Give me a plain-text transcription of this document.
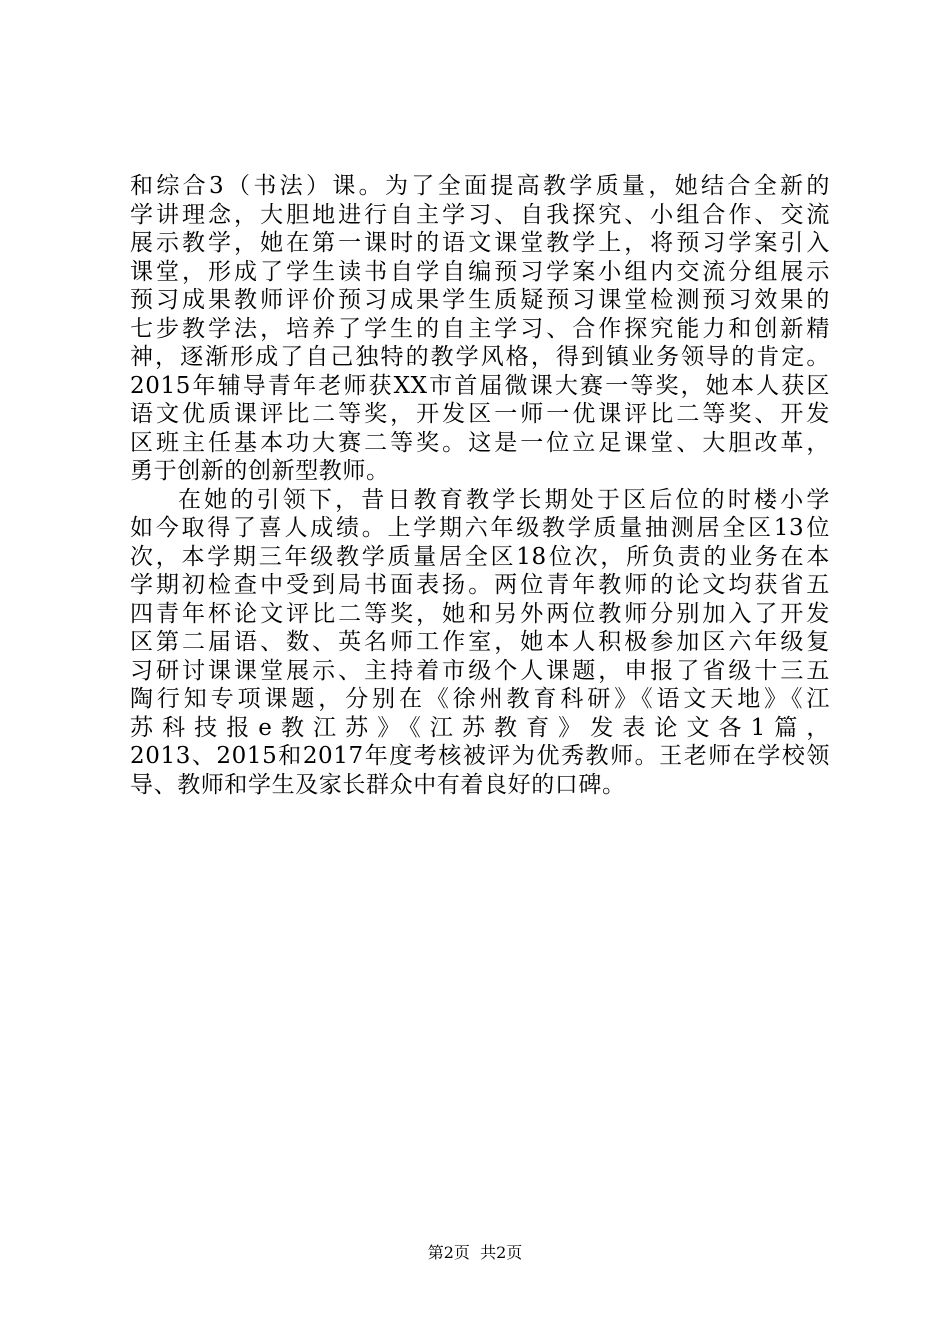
和综合3（书法）课。为了全面提高教学质量，她结合全新的
学讲理念，大胆地进行自主学习、自我探究、小组合作、交流
展示教学，她在第一课时的语文课堂教学上，将预习学案引入
课堂，形成了学生读书自学自编预习学案小组内交流分组展示
预习成果教师评价预习成果学生质疑预习课堂检测预习效果的
七步教学法，培养了学生的自主学习、合作探究能力和创新精
神，逐渐形成了自己独特的教学风格，得到镇业务领导的肯定。
2015年辅导青年老师获XX市首届微课大赛一等奖，她本人获区
语文优质课评比二等奖，开发区一师一优课评比二等奖、开发
区班主任基本功大赛二等奖。这是一位立足课堂、大胆改革，
勇于创新的创新型教师。
在她的引领下，昔日教育教学长期处于区后位的时楼小学
如今取得了喜人成绩。上学期六年级教学质量抽测居全区13位
次，本学期三年级教学质量居全区18位次，所负责的业务在本
学期初检查中受到局书面表扬。两位青年教师的论文均获省五
四青年杯论文评比二等奖，她和另外两位教师分别加入了开发
区第二届语、数、英名师工作室，她本人积极参加区六年级复
习研讨课课堂展示、主持着市级个人课题，申报了省级十三五
陶行知专项课题，分别在《徐州教育科研》《语文天地》《江
苏科技报e教江苏》《江苏教育》发表论文各1篇，
2013、2015和2017年度考核被评为优秀教师。王老师在学校领
导、教师和学生及家长群众中有着良好的口碑。
第2页  共2页
